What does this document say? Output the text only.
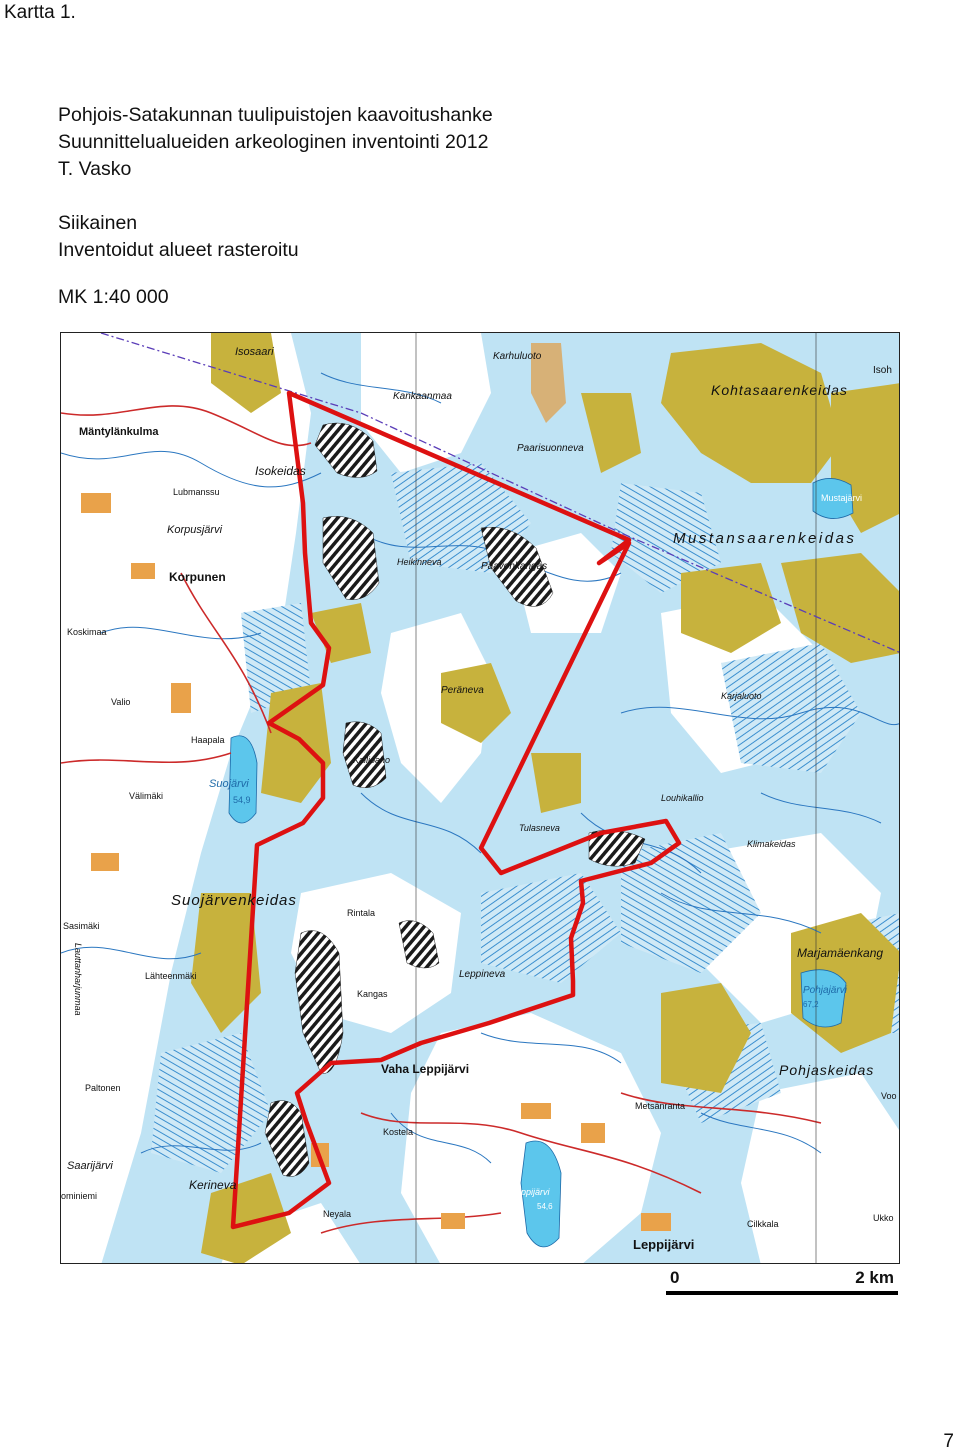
Kartta 1.
Pohjois-Satakunnan tuulipuistojen kaavoitushanke
Suunnittelualueiden arkeologinen inventointi 2012
T. Vasko
Siikainen
Inventoidut alueet rasteroitu
MK 1:40 000
Isosaari	Karhuluoto
Isoh
Kankaanmaa	Kohtasaarenkeidas
Mäntylänkulma
Paarisuonneva
Isokeidas
Lubmanssu
Korpusjärvi
Mustajärvi
Mustansaarenkeidas
Heikinneva	Paavonkangas
Korpunen
Koskimaa
Peräneva	Karjaluoto
Valio
Haapala
Kallioaho
Välimäki
Suojärvi
54,9	Louhikallio
Tulasneva
Klimakeidas
Suojärvenkeidas
Rintala
Sasimäki
Marjamäenkang
Lähteenmäki	Leppineva
Kangas	Pohjajärvi
67,2
Vaha Leppijärvi	Pohjaskeidas
Paltonen
Voo
Metsänranta
Kostela
Saarijärvi
ominiemi
Kerineva	Leppijärvi
54,6
Neyala	Ukko
Cilkkala
Leppijärvi
Lauttanharjunmaa
0	2 km
7
